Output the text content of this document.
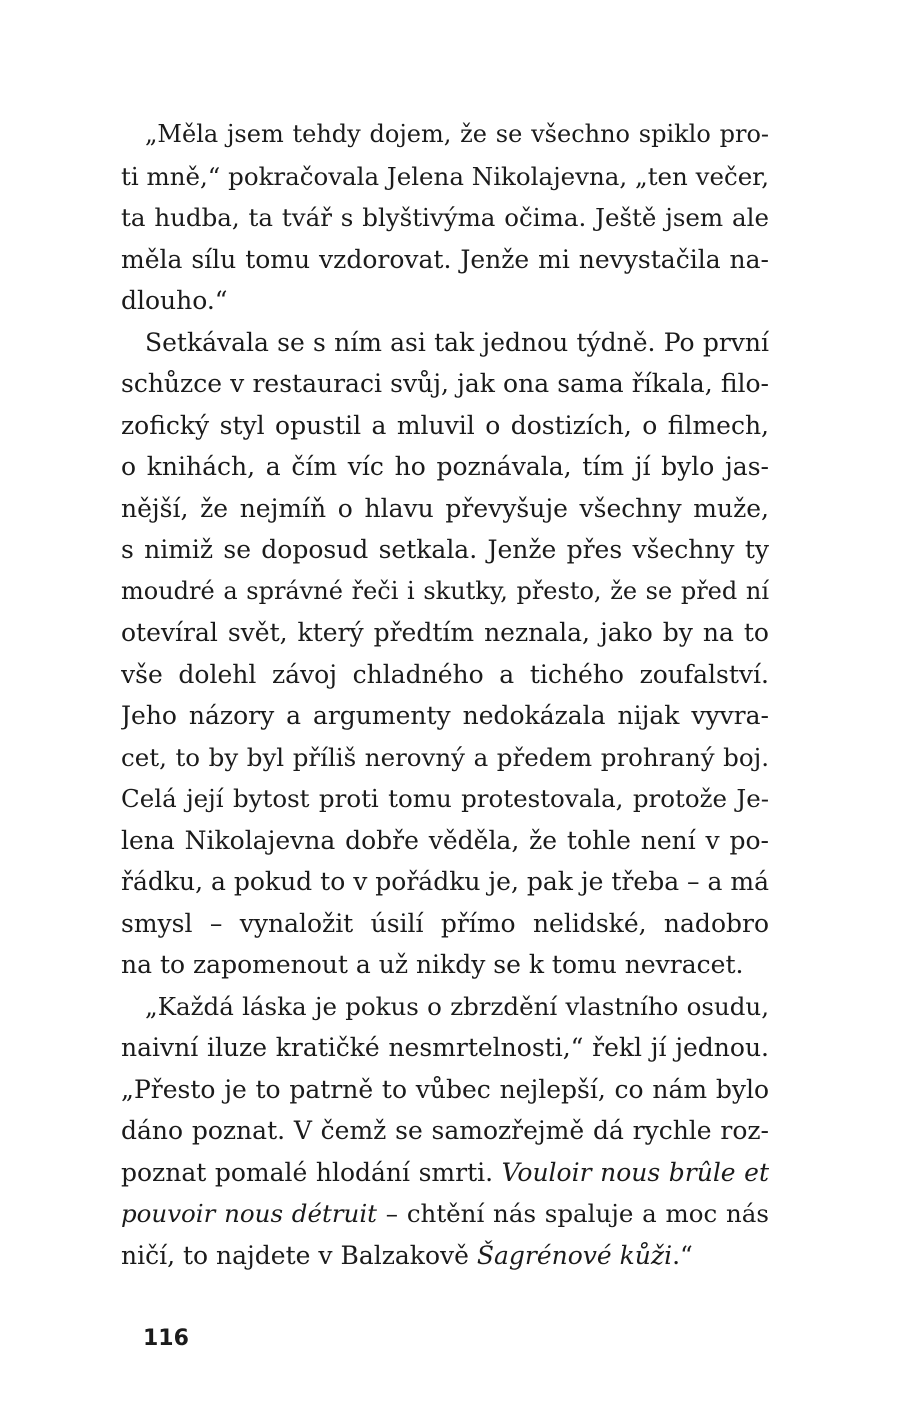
„Měla jsem tehdy dojem, že se všechno spiklo pro-
ti mně,“ pokračovala Jelena Nikolajevna, „ten večer,
ta hudba, ta tvář s blyštivýma očima. Ještě jsem ale
měla sílu tomu vzdorovat. Jenže mi nevystačila na-
dlouho.“
Setkávala se s ním asi tak jednou týdně. Po první
schůzce v restauraci svůj, jak ona sama říkala, filo-
zofický styl opustil a mluvil o dostizích, o filmech,
o knihách, a čím víc ho poznávala, tím jí bylo jas-
nější, že nejmíň o hlavu převyšuje všechny muže,
s nimiž se doposud setkala. Jenže přes všechny ty
moudré a správné řeči i skutky, přesto, že se před ní
otevíral svět, který předtím neznala, jako by na to
vše dolehl závoj chladného a tichého zoufalství.
Jeho názory a argumenty nedokázala nijak vyvra-
cet, to by byl příliš nerovný a předem prohraný boj.
Celá její bytost proti tomu protestovala, protože Je-
lena Nikolajevna dobře věděla, že tohle není v po-
řádku, a pokud to v pořádku je, pak je třeba – a má
smysl – vynaložit úsilí přímo nelidské, nadobro
na to zapomenout a už nikdy se k tomu nevracet.
„Každá láska je pokus o zbrzdění vlastního osudu,
naivní iluze kratičké nesmrtelnosti,“ řekl jí jednou.
„Přesto je to patrně to vůbec nejlepší, co nám bylo
dáno poznat. V čemž se samozřejmě dá rychle roz-
poznat pomalé hlodání smrti. Vouloir nous brûle et
pouvoir nous détruit – chtění nás spaluje a moc nás
ničí, to najdete v Balzakově Šagrénové kůži.“
116
